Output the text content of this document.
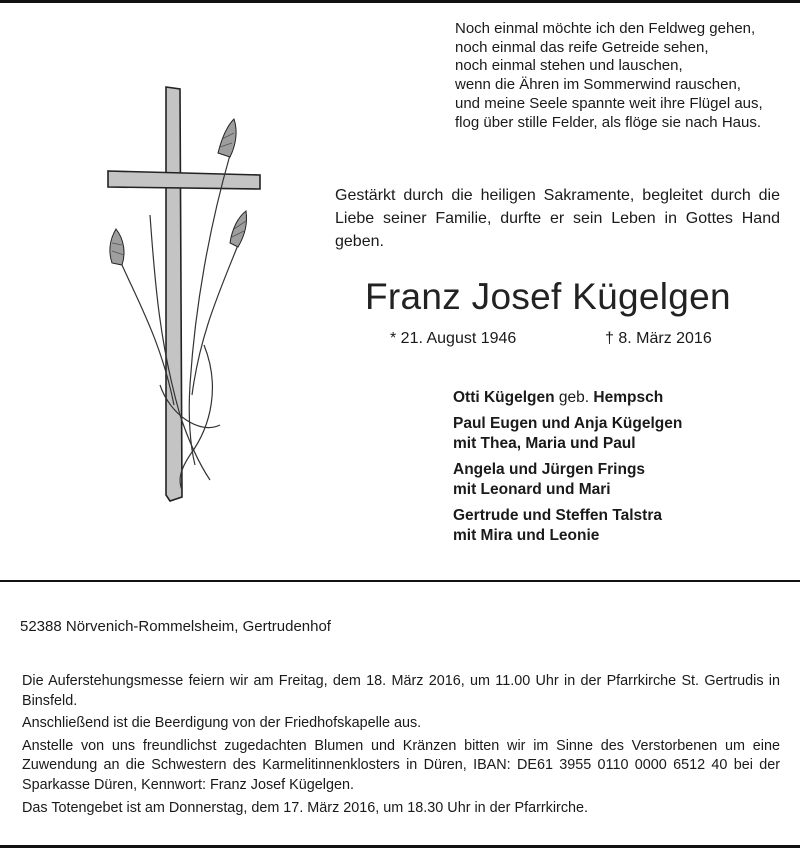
Noch einmal möchte ich den Feldweg gehen,
noch einmal das reife Getreide sehen,
noch einmal stehen und lauschen,
wenn die Ähren im Sommerwind rauschen,
und meine Seele spannte weit ihre Flügel aus,
flog über stille Felder, als flöge sie nach Haus.
Gestärkt durch die heiligen Sakramente, begleitet durch die Liebe seiner Familie, durfte er sein Leben in Gottes Hand geben.
Franz Josef Kügelgen
* 21. August 1946	† 8. März 2016
Otti Kügelgen geb. Hempsch
Paul Eugen und Anja Kügelgen
mit Thea, Maria und Paul
Angela und Jürgen Frings
mit Leonard und Mari
Gertrude und Steffen Talstra
mit Mira und Leonie
52388 Nörvenich-Rommelsheim, Gertrudenhof

Die Auferstehungsmesse feiern wir am Freitag, dem 18. März 2016, um 11.00 Uhr in der Pfarrkirche St. Gertrudis in Binsfeld.

Anschließend ist die Beerdigung von der Friedhofskapelle aus.

Anstelle von uns freundlichst zugedachten Blumen und Kränzen bitten wir im Sinne des Verstorbenen um eine Zuwendung an die Schwestern des Karmelitinnenklosters in Düren, IBAN: DE61 3955 0110 0000 6512 40 bei der Sparkasse Düren, Kennwort: Franz Josef Kügelgen.

Das Totengebet ist am Donnerstag, dem 17. März 2016, um 18.30 Uhr in der Pfarrkirche.
